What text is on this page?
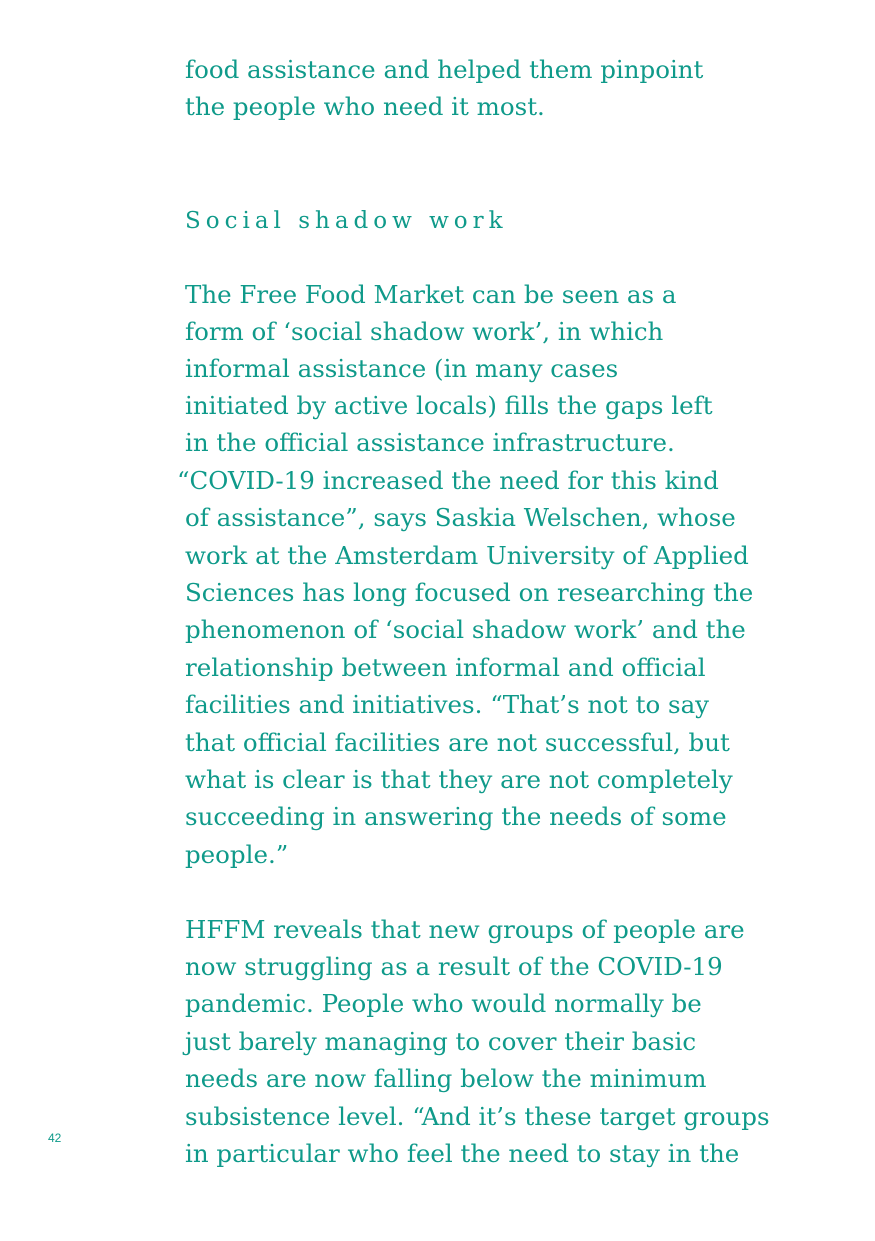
food assistance and helped them pinpoint
the people who need it most.
Social shadow work
The Free Food Market can be seen as a
form of ‘social shadow work’, in which
informal assistance (in many cases
initiated by active locals) fills the gaps left
in the official assistance infrastructure.
“COVID-19 increased the need for this kind
of assistance”, says Saskia Welschen, whose
work at the Amsterdam University of Applied
Sciences has long focused on researching the
phenomenon of ‘social shadow work’ and the
relationship between informal and official
facilities and initiatives. “That’s not to say
that official facilities are not successful, but
what is clear is that they are not completely
succeeding in answering the needs of some
people.”
HFFM reveals that new groups of people are
now struggling as a result of the COVID-19
pandemic. People who would normally be
just barely managing to cover their basic
needs are now falling below the minimum
subsistence level. “And it’s these target groups
in particular who feel the need to stay in the
42
